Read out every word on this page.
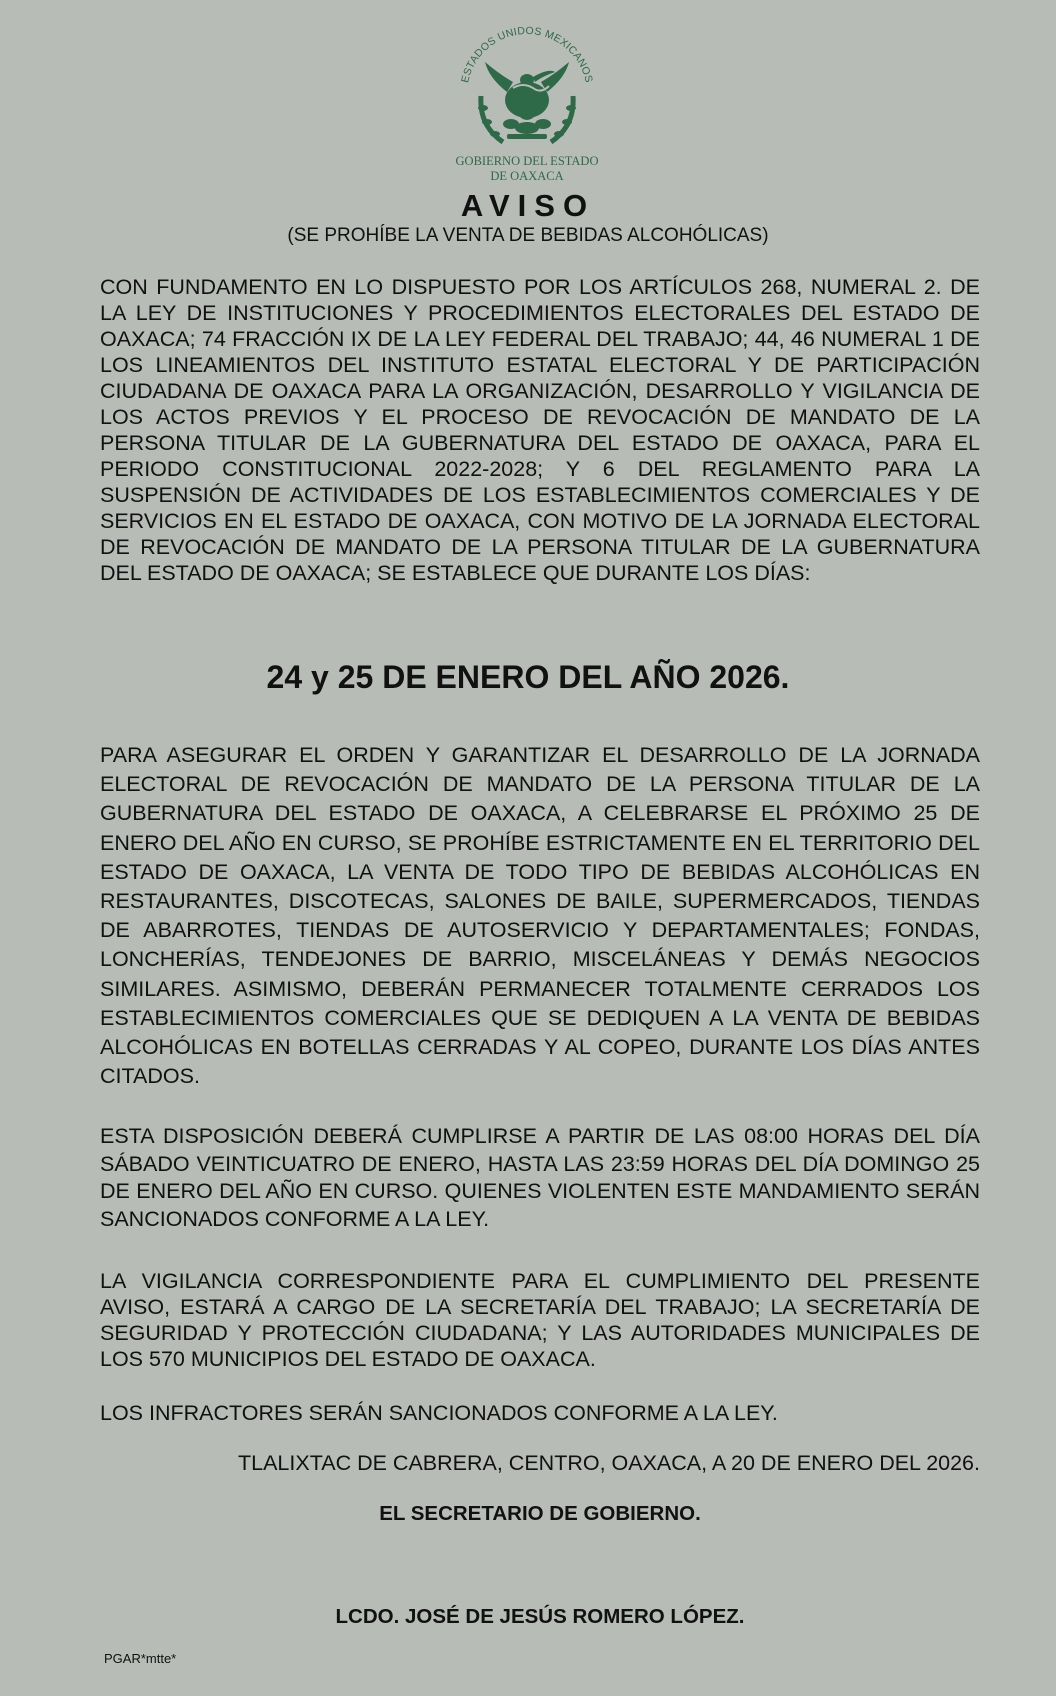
ESTADOS UNIDOS MEXICANOS
GOBIERNO DEL ESTADO
DE OAXACA
AVISO
(SE PROHÍBE LA VENTA DE BEBIDAS ALCOHÓLICAS)

CON FUNDAMENTO EN LO DISPUESTO POR LOS ARTÍCULOS 268, NUMERAL 2. DE LA LEY DE INSTITUCIONES Y PROCEDIMIENTOS ELECTORALES DEL ESTADO DE OAXACA; 74 FRACCIÓN IX DE LA LEY FEDERAL DEL TRABAJO; 44, 46 NUMERAL 1 DE LOS LINEAMIENTOS DEL INSTITUTO ESTATAL ELECTORAL Y DE PARTICIPACIÓN CIUDADANA DE OAXACA PARA LA ORGANIZACIÓN, DESARROLLO Y VIGILANCIA DE LOS ACTOS PREVIOS Y EL PROCESO DE REVOCACIÓN DE MANDATO DE LA PERSONA TITULAR DE LA GUBERNATURA DEL ESTADO DE OAXACA, PARA EL PERIODO CONSTITUCIONAL 2022-2028; Y 6 DEL REGLAMENTO PARA LA SUSPENSIÓN DE ACTIVIDADES DE LOS ESTABLECIMIENTOS COMERCIALES Y DE SERVICIOS EN EL ESTADO DE OAXACA, CON MOTIVO DE LA JORNADA ELECTORAL DE REVOCACIÓN DE MANDATO DE LA PERSONA TITULAR DE LA GUBERNATURA DEL ESTADO DE OAXACA; SE ESTABLECE QUE DURANTE LOS DÍAS:

24 y 25 DE ENERO DEL AÑO 2026.

PARA ASEGURAR EL ORDEN Y GARANTIZAR EL DESARROLLO DE LA JORNADA ELECTORAL DE REVOCACIÓN DE MANDATO DE LA PERSONA TITULAR DE LA GUBERNATURA DEL ESTADO DE OAXACA, A CELEBRARSE EL PRÓXIMO 25 DE ENERO DEL AÑO EN CURSO, SE PROHÍBE ESTRICTAMENTE EN EL TERRITORIO DEL ESTADO DE OAXACA, LA VENTA DE TODO TIPO DE BEBIDAS ALCOHÓLICAS EN RESTAURANTES, DISCOTECAS, SALONES DE BAILE, SUPERMERCADOS, TIENDAS DE ABARROTES, TIENDAS DE AUTOSERVICIO Y DEPARTAMENTALES; FONDAS, LONCHERÍAS, TENDEJONES DE BARRIO, MISCELÁNEAS Y DEMÁS NEGOCIOS SIMILARES. ASIMISMO, DEBERÁN PERMANECER TOTALMENTE CERRADOS LOS ESTABLECIMIENTOS COMERCIALES QUE SE DEDIQUEN A LA VENTA DE BEBIDAS ALCOHÓLICAS EN BOTELLAS CERRADAS Y AL COPEO, DURANTE LOS DÍAS ANTES CITADOS.

ESTA DISPOSICIÓN DEBERÁ CUMPLIRSE A PARTIR DE LAS 08:00 HORAS DEL DÍA SÁBADO VEINTICUATRO DE ENERO, HASTA LAS 23:59 HORAS DEL DÍA DOMINGO 25 DE ENERO DEL AÑO EN CURSO. QUIENES VIOLENTEN ESTE MANDAMIENTO SERÁN SANCIONADOS CONFORME A LA LEY.

LA VIGILANCIA CORRESPONDIENTE PARA EL CUMPLIMIENTO DEL PRESENTE AVISO, ESTARÁ A CARGO DE LA SECRETARÍA DEL TRABAJO; LA SECRETARÍA DE SEGURIDAD Y PROTECCIÓN CIUDADANA; Y LAS AUTORIDADES MUNICIPALES DE LOS 570 MUNICIPIOS DEL ESTADO DE OAXACA.

LOS INFRACTORES SERÁN SANCIONADOS CONFORME A LA LEY.

TLALIXTAC DE CABRERA, CENTRO, OAXACA, A 20 DE ENERO DEL 2026.
EL SECRETARIO DE GOBIERNO.
LCDO. JOSÉ DE JESÚS ROMERO LÓPEZ.
PGAR*mtte*
